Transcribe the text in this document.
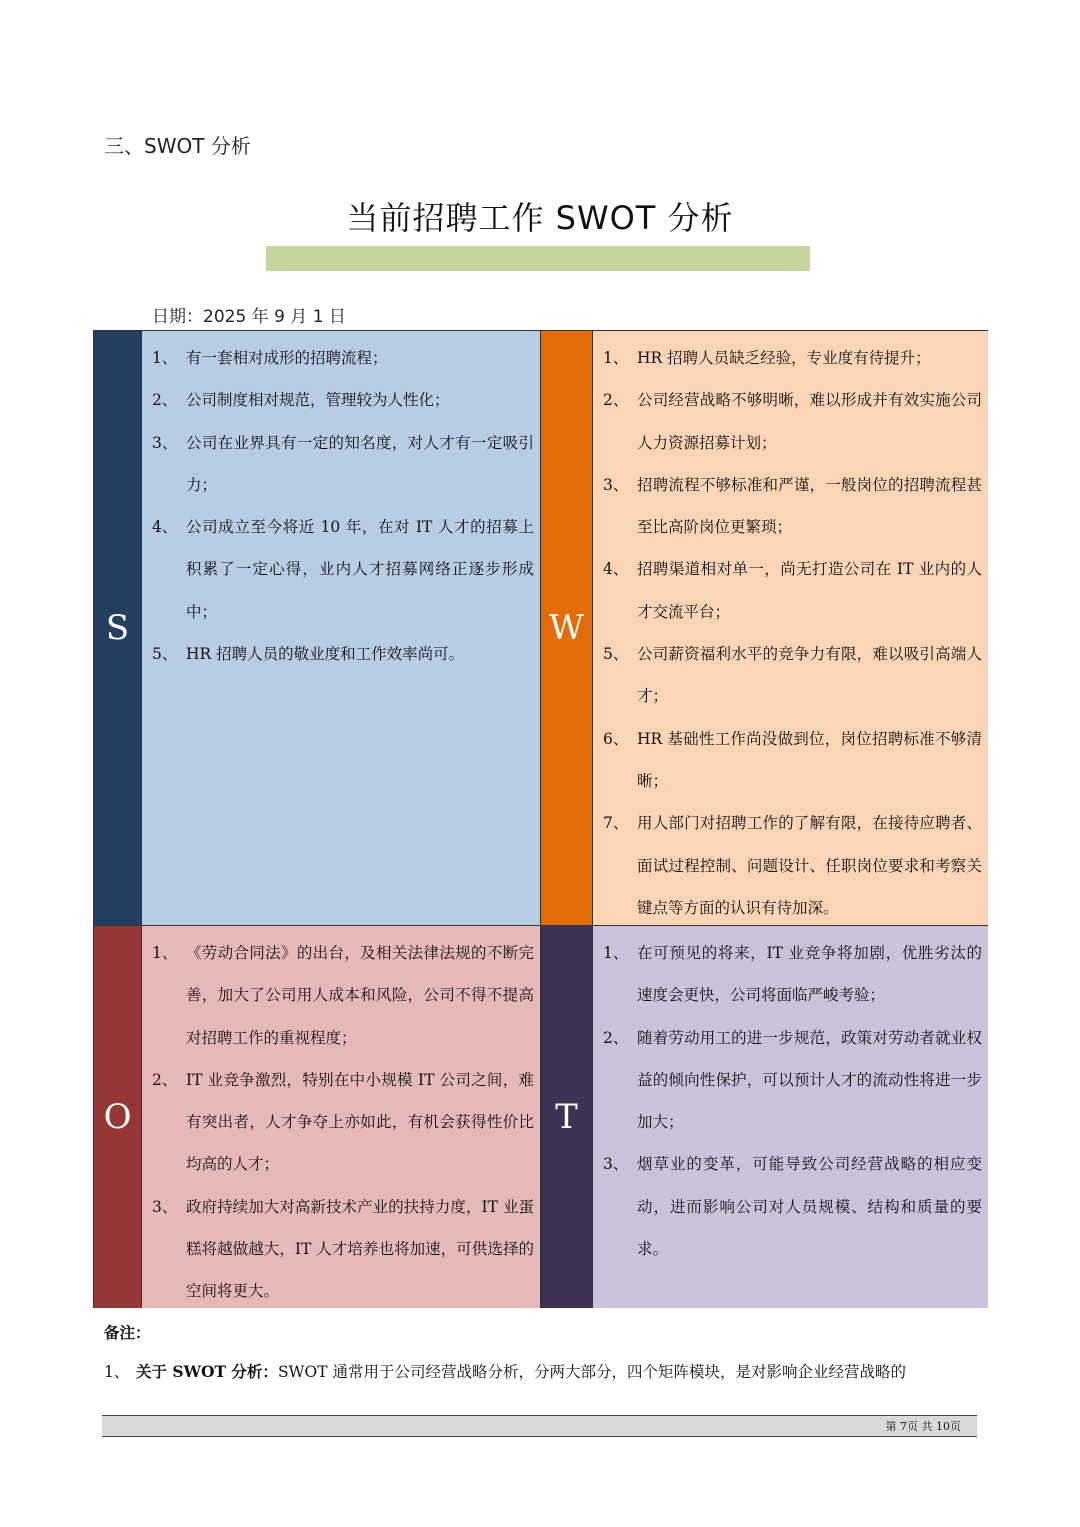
三、SWOT 分析
当前招聘工作 SWOT 分析
日期：2025 年 9 月 1 日
S
1、 有一套相对成形的招聘流程；
2、 公司制度相对规范，管理较为人性化；
3、 公司在业界具有一定的知名度，对人才有一定吸引力；
4、 公司成立至今将近 10 年，在对 IT 人才的招募上积累了一定心得，业内人才招募网络正逐步形成中；
5、 HR 招聘人员的敬业度和工作效率尚可。
W
1、 HR 招聘人员缺乏经验，专业度有待提升；
2、 公司经营战略不够明晰，难以形成并有效实施公司人力资源招募计划；
3、 招聘流程不够标准和严谨，一般岗位的招聘流程甚至比高阶岗位更繁琐；
4、 招聘渠道相对单一，尚无打造公司在 IT 业内的人才交流平台；
5、 公司薪资福利水平的竞争力有限，难以吸引高端人才；
6、 HR 基础性工作尚没做到位，岗位招聘标准不够清晰；
7、 用人部门对招聘工作的了解有限，在接待应聘者、面试过程控制、问题设计、任职岗位要求和考察关键点等方面的认识有待加深。
O
1、 《劳动合同法》的出台，及相关法律法规的不断完善，加大了公司用人成本和风险，公司不得不提高对招聘工作的重视程度；
2、 IT 业竞争激烈，特别在中小规模 IT 公司之间，难有突出者，人才争夺上亦如此，有机会获得性价比均高的人才；
3、 政府持续加大对高新技术产业的扶持力度，IT 业蛋糕将越做越大，IT 人才培养也将加速，可供选择的空间将更大。
T
1、 在可预见的将来，IT 业竞争将加剧，优胜劣汰的速度会更快，公司将面临严峻考验；
2、 随着劳动用工的进一步规范，政策对劳动者就业权益的倾向性保护，可以预计人才的流动性将进一步加大；
3、 烟草业的变革，可能导致公司经营战略的相应变动，进而影响公司对人员规模、结构和质量的要求。
备注：
1、 关于 SWOT 分析：SWOT 通常用于公司经营战略分析，分两大部分，四个矩阵模块，是对影响企业经营战略的
第 7页 共 10页
